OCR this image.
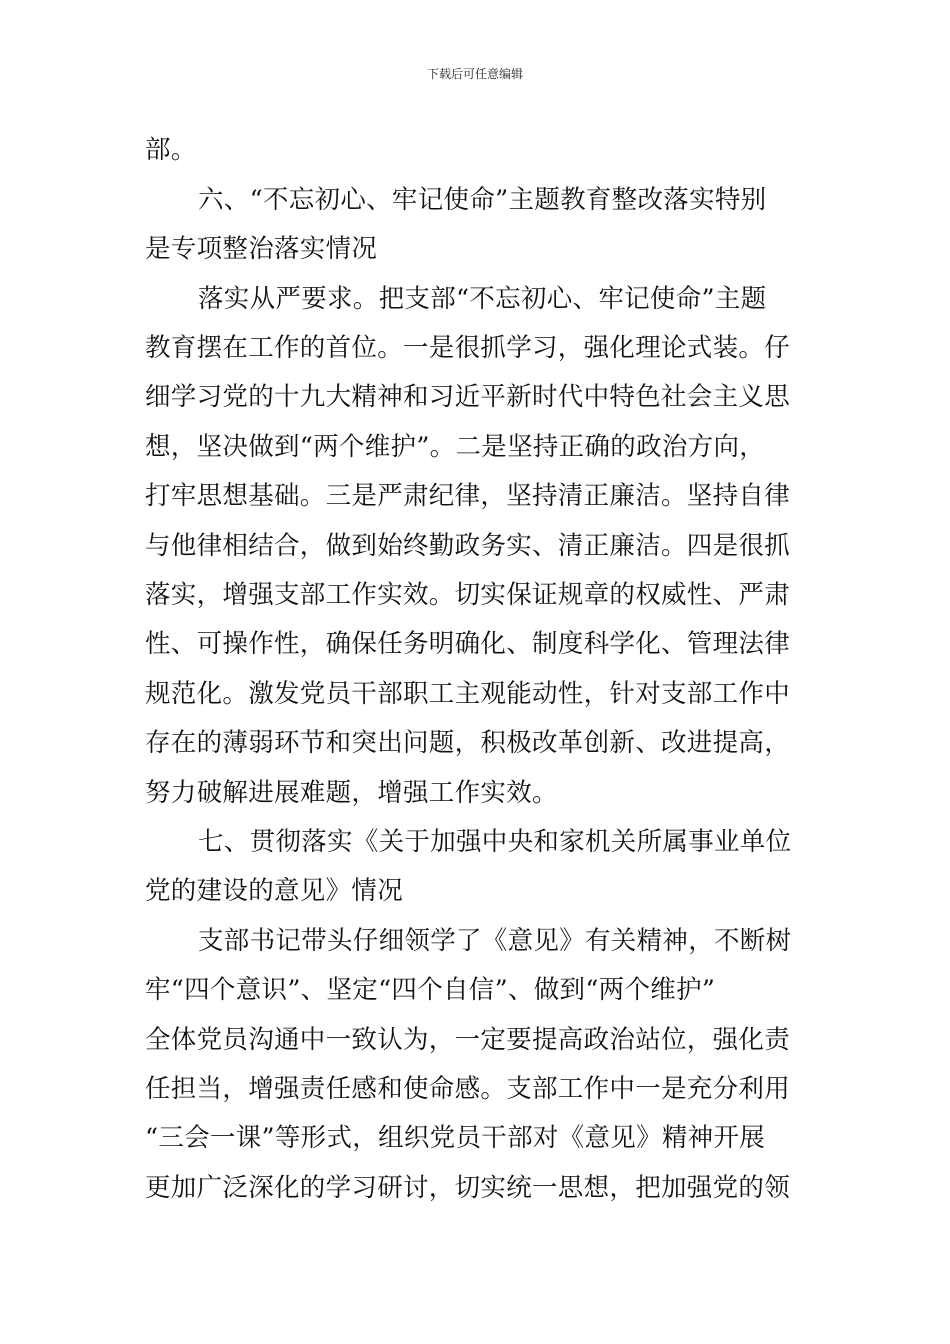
下载后可任意编辑
部。
六、“不忘初心、牢记使命”主题教育整改落实特别
是专项整治落实情况
落实从严要求。把支部“不忘初心、牢记使命”主题
教育摆在工作的首位。一是很抓学习，强化理论式装。仔
细学习党的十九大精神和习近平新时代中特色社会主义思
想，坚决做到“两个维护”。二是坚持正确的政治方向，
打牢思想基础。三是严肃纪律，坚持清正廉洁。坚持自律
与他律相结合，做到始终勤政务实、清正廉洁。四是很抓
落实，增强支部工作实效。切实保证规章的权威性、严肃
性、可操作性，确保任务明确化、制度科学化、管理法律
规范化。激发党员干部职工主观能动性，针对支部工作中
存在的薄弱环节和突出问题，积极改革创新、改进提高，
努力破解进展难题，增强工作实效。
七、贯彻落实《关于加强中央和家机关所属事业单位
党的建设的意见》情况
支部书记带头仔细领学了《意见》有关精神，不断树
牢“四个意识”、坚定“四个自信”、做到“两个维护”
全体党员沟通中一致认为，一定要提高政治站位，强化责
任担当，增强责任感和使命感。支部工作中一是充分利用
“三会一课”等形式，组织党员干部对《意见》精神开展
更加广泛深化的学习研讨，切实统一思想，把加强党的领
